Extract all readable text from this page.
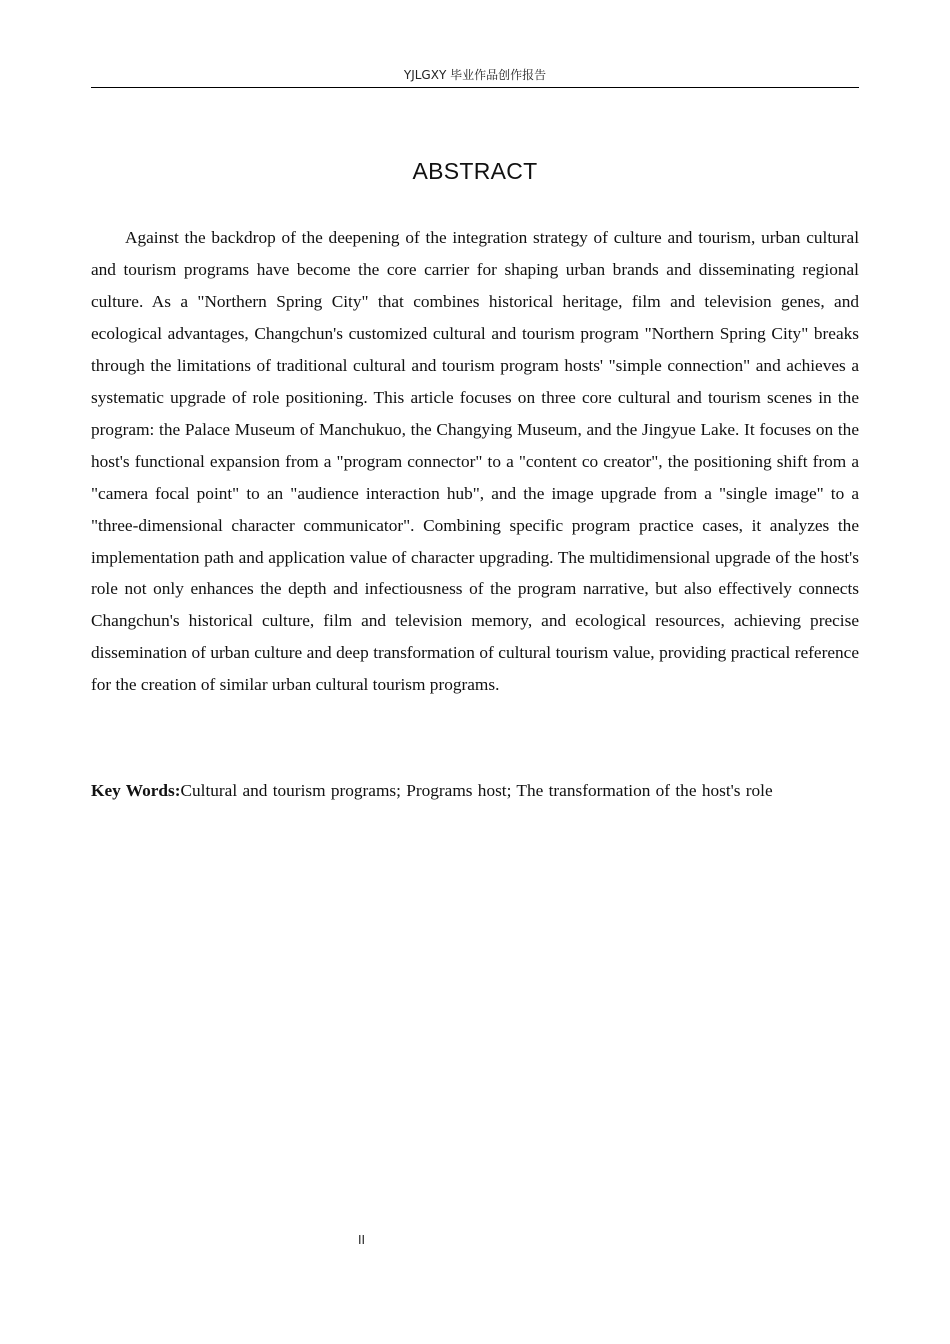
YJLGXY 毕业作品创作报告
ABSTRACT

Against the backdrop of the deepening of the integration strategy of culture and tourism, urban cultural and tourism programs have become the core carrier for shaping urban brands and disseminating regional culture. As a "Northern Spring City" that combines historical heritage, film and television genes, and ecological advantages, Changchun's customized cultural and tourism program "Northern Spring City" breaks through the limitations of traditional cultural and tourism program hosts' "simple connection" and achieves a systematic upgrade of role positioning. This article focuses on three core cultural and tourism scenes in the program: the Palace Museum of Manchukuo, the Changying Museum, and the Jingyue Lake. It focuses on the host's functional expansion from a "program connector" to a "content co creator", the positioning shift from a "camera focal point" to an "audience interaction hub", and the image upgrade from a "single image" to a "three-dimensional character communicator". Combining specific program practice cases, it analyzes the implementation path and application value of character upgrading. The multidimensional upgrade of the host's role not only enhances the depth and infectiousness of the program narrative, but also effectively connects Changchun's historical culture, film and television memory, and ecological resources, achieving precise dissemination of urban culture and deep transformation of cultural tourism value, providing practical reference for the creation of similar urban cultural tourism programs.

Key Words:Cultural and tourism programs; Programs host; The transformation of the host's role

II
